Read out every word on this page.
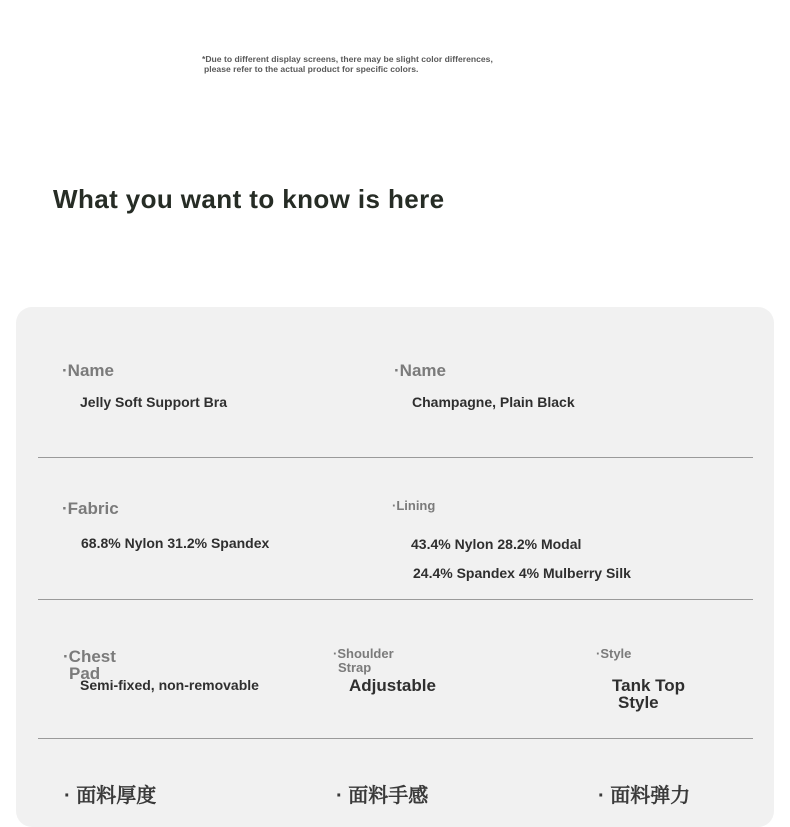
*Due to different display screens, there may be slight color differences,
please refer to the actual product for specific colors.
What you want to know is here
·Name
Jelly Soft Support Bra
·Name
Champagne, Plain Black
·Fabric
68.8% Nylon 31.2% Spandex
·Lining
43.4% Nylon 28.2% Modal
24.4% Spandex 4% Mulberry Silk
·Chest
Pad
Semi-fixed, non-removable
·Shoulder
Strap
Adjustable
·Style
Tank Top
Style
· 面料厚度	· 面料手感	· 面料弹力
